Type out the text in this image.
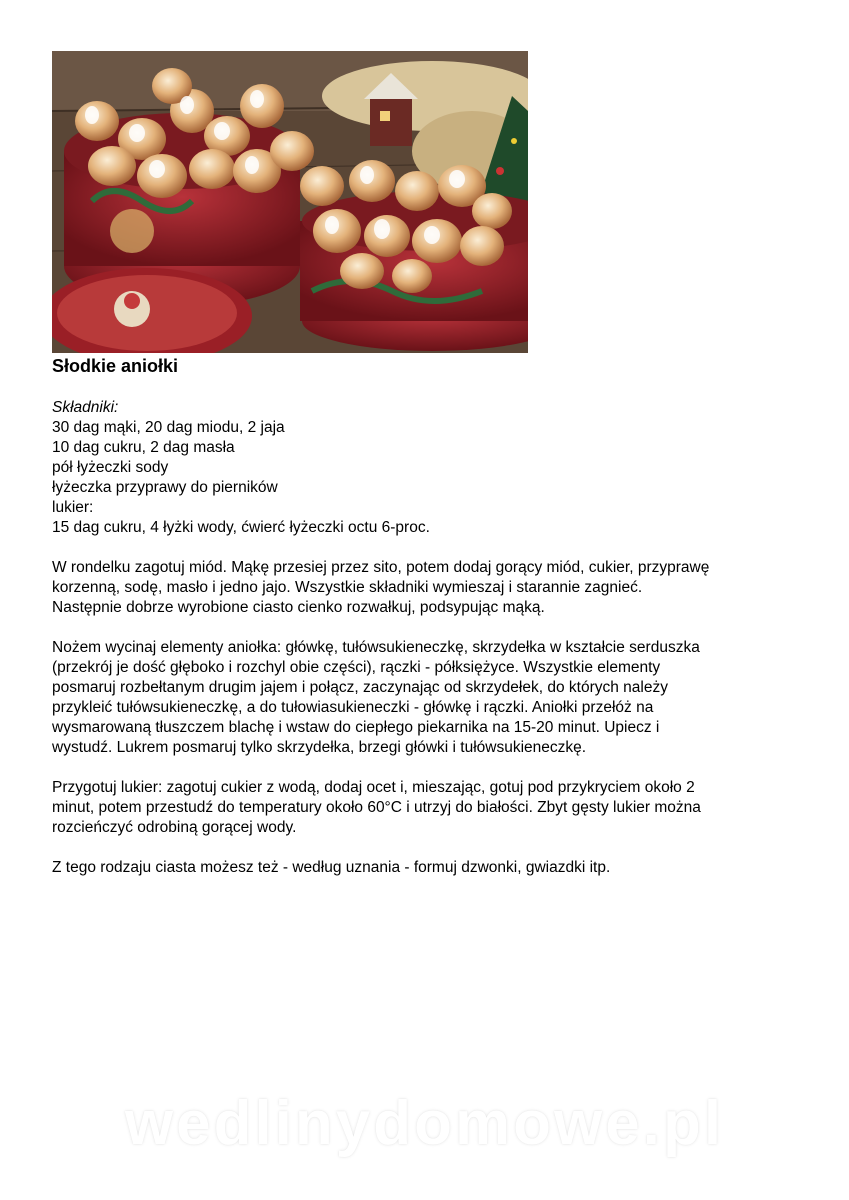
Słodkie aniołki

Składniki:
30 dag mąki, 20 dag miodu, 2 jaja
10 dag cukru, 2 dag masła
pół łyżeczki sody
łyżeczka przyprawy do pierników
lukier:
15 dag cukru, 4 łyżki wody, ćwierć łyżeczki octu 6-proc.

W rondelku zagotuj miód. Mąkę przesiej przez sito, potem dodaj gorący miód, cukier, przyprawę
korzenną, sodę, masło i jedno jajo. Wszystkie składniki wymieszaj i starannie zagnieć.
Następnie dobrze wyrobione ciasto cienko rozwałkuj, podsypując mąką.

Nożem wycinaj elementy aniołka: główkę, tułówsukieneczkę, skrzydełka w kształcie serduszka
(przekrój je dość głęboko i rozchyl obie części), rączki - półksiężyce. Wszystkie elementy
posmaruj rozbełtanym drugim jajem i połącz, zaczynając od skrzydełek, do których należy
przykleić tułówsukieneczkę, a do tułowiasukieneczki - główkę i rączki. Aniołki przełóż na
wysmarowaną tłuszczem blachę i wstaw do ciepłego piekarnika na 15-20 minut. Upiecz i
wystudź. Lukrem posmaruj tylko skrzydełka, brzegi główki i tułówsukieneczkę.

Przygotuj lukier: zagotuj cukier z wodą, dodaj ocet i, mieszając, gotuj pod przykryciem około 2
minut, potem przestudź do temperatury około 60°C i utrzyj do białości. Zbyt gęsty lukier można
rozcieńczyć odrobiną gorącej wody.

Z tego rodzaju ciasta możesz też - według uznania - formuj dzwonki, gwiazdki itp.

wedlinydomowe.pl
